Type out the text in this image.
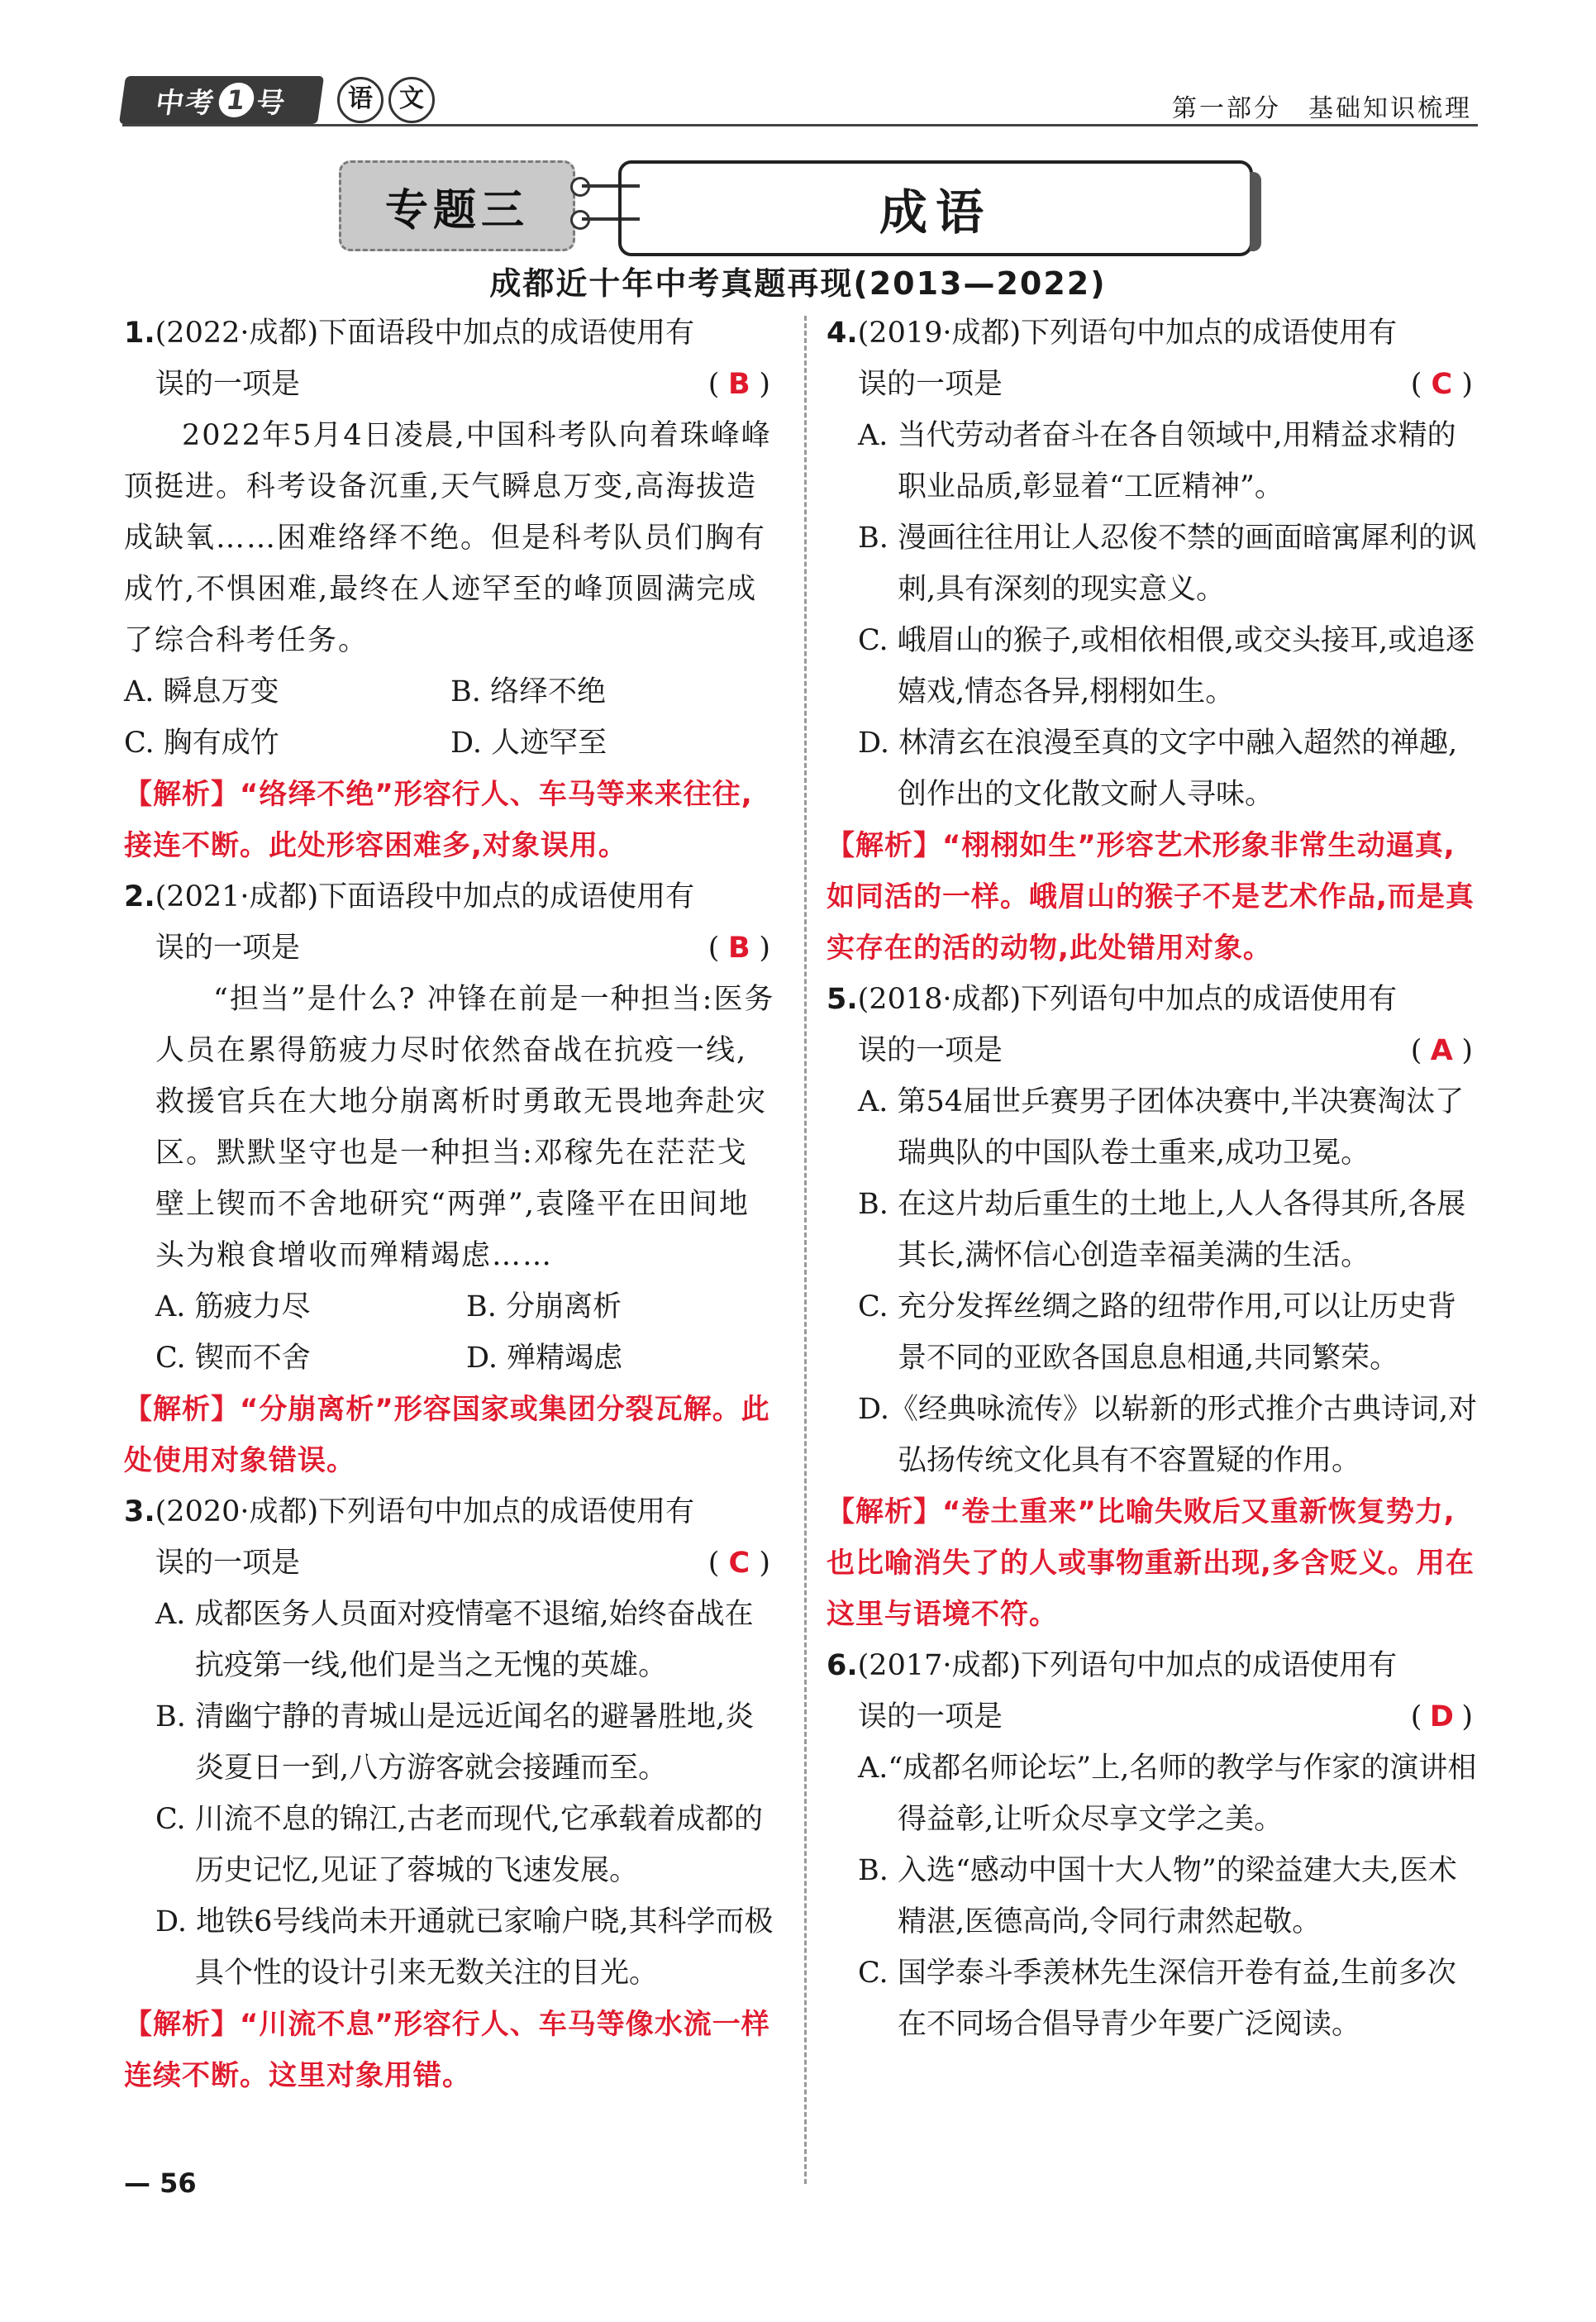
中考 1 号	语	文	第一部分　基础知识梳理
专题三	成语
成都近十年中考真题再现(2013—2022)
1.(2022·成都)下面语段中加点的成语使用有
误的一项是	( B )

2022年5月4日凌晨,中国科考队向着珠峰峰顶挺进。科考设备沉重,天气瞬息万变,高海拔造成缺氧……困难络绎不绝。但是科考队员们胸有成竹,不惧困难,最终在人迹罕至的峰顶圆满完成了综合科考任务。

A. 瞬息万变	B. 络绎不绝
C. 胸有成竹	D. 人迹罕至
【解析】“络绎不绝”形容行人、车马等来来往往,接连不断。此处形容困难多,对象误用。
2.(2021·成都)下面语段中加点的成语使用有
误的一项是	( B )

“担当”是什么? 冲锋在前是一种担当:医务人员在累得筋疲力尽时依然奋战在抗疫一线,救援官兵在大地分崩离析时勇敢无畏地奔赴灾区。默默坚守也是一种担当:邓稼先在茫茫戈壁上锲而不舍地研究“两弹”,袁隆平在田间地头为粮食增收而殚精竭虑……

A. 筋疲力尽	B. 分崩离析
C. 锲而不舍	D. 殚精竭虑
【解析】“分崩离析”形容国家或集团分裂瓦解。此处使用对象错误。
3.(2020·成都)下列语句中加点的成语使用有
误的一项是	( C )
A. 成都医务人员面对疫情毫不退缩,始终奋战在抗疫第一线,他们是当之无愧的英雄。
B. 清幽宁静的青城山是远近闻名的避暑胜地,炎炎夏日一到,八方游客就会接踵而至。
C. 川流不息的锦江,古老而现代,它承载着成都的历史记忆,见证了蓉城的飞速发展。
D. 地铁6号线尚未开通就已家喻户晓,其科学而极具个性的设计引来无数关注的目光。
【解析】“川流不息”形容行人、车马等像水流一样连续不断。这里对象用错。
4.(2019·成都)下列语句中加点的成语使用有
误的一项是	( C )
A. 当代劳动者奋斗在各自领域中,用精益求精的职业品质,彰显着“工匠精神”。
B. 漫画往往用让人忍俊不禁的画面暗寓犀利的讽刺,具有深刻的现实意义。
C. 峨眉山的猴子,或相依相偎,或交头接耳,或追逐嬉戏,情态各异,栩栩如生。
D. 林清玄在浪漫至真的文字中融入超然的禅趣,创作出的文化散文耐人寻味。
【解析】“栩栩如生”形容艺术形象非常生动逼真,如同活的一样。峨眉山的猴子不是艺术作品,而是真实存在的活的动物,此处错用对象。
5.(2018·成都)下列语句中加点的成语使用有
误的一项是	( A )
A. 第54届世乒赛男子团体决赛中,半决赛淘汰了瑞典队的中国队卷土重来,成功卫冕。
B. 在这片劫后重生的土地上,人人各得其所,各展其长,满怀信心创造幸福美满的生活。
C. 充分发挥丝绸之路的纽带作用,可以让历史背景不同的亚欧各国息息相通,共同繁荣。
D.《经典咏流传》以崭新的形式推介古典诗词,对弘扬传统文化具有不容置疑的作用。
【解析】“卷土重来”比喻失败后又重新恢复势力,也比喻消失了的人或事物重新出现,多含贬义。用在这里与语境不符。
6.(2017·成都)下列语句中加点的成语使用有
误的一项是	( D )
A.“成都名师论坛”上,名师的教学与作家的演讲相得益彰,让听众尽享文学之美。
B. 入选“感动中国十大人物”的梁益建大夫,医术精湛,医德高尚,令同行肃然起敬。
C. 国学泰斗季羡林先生深信开卷有益,生前多次在不同场合倡导青少年要广泛阅读。
— 56
